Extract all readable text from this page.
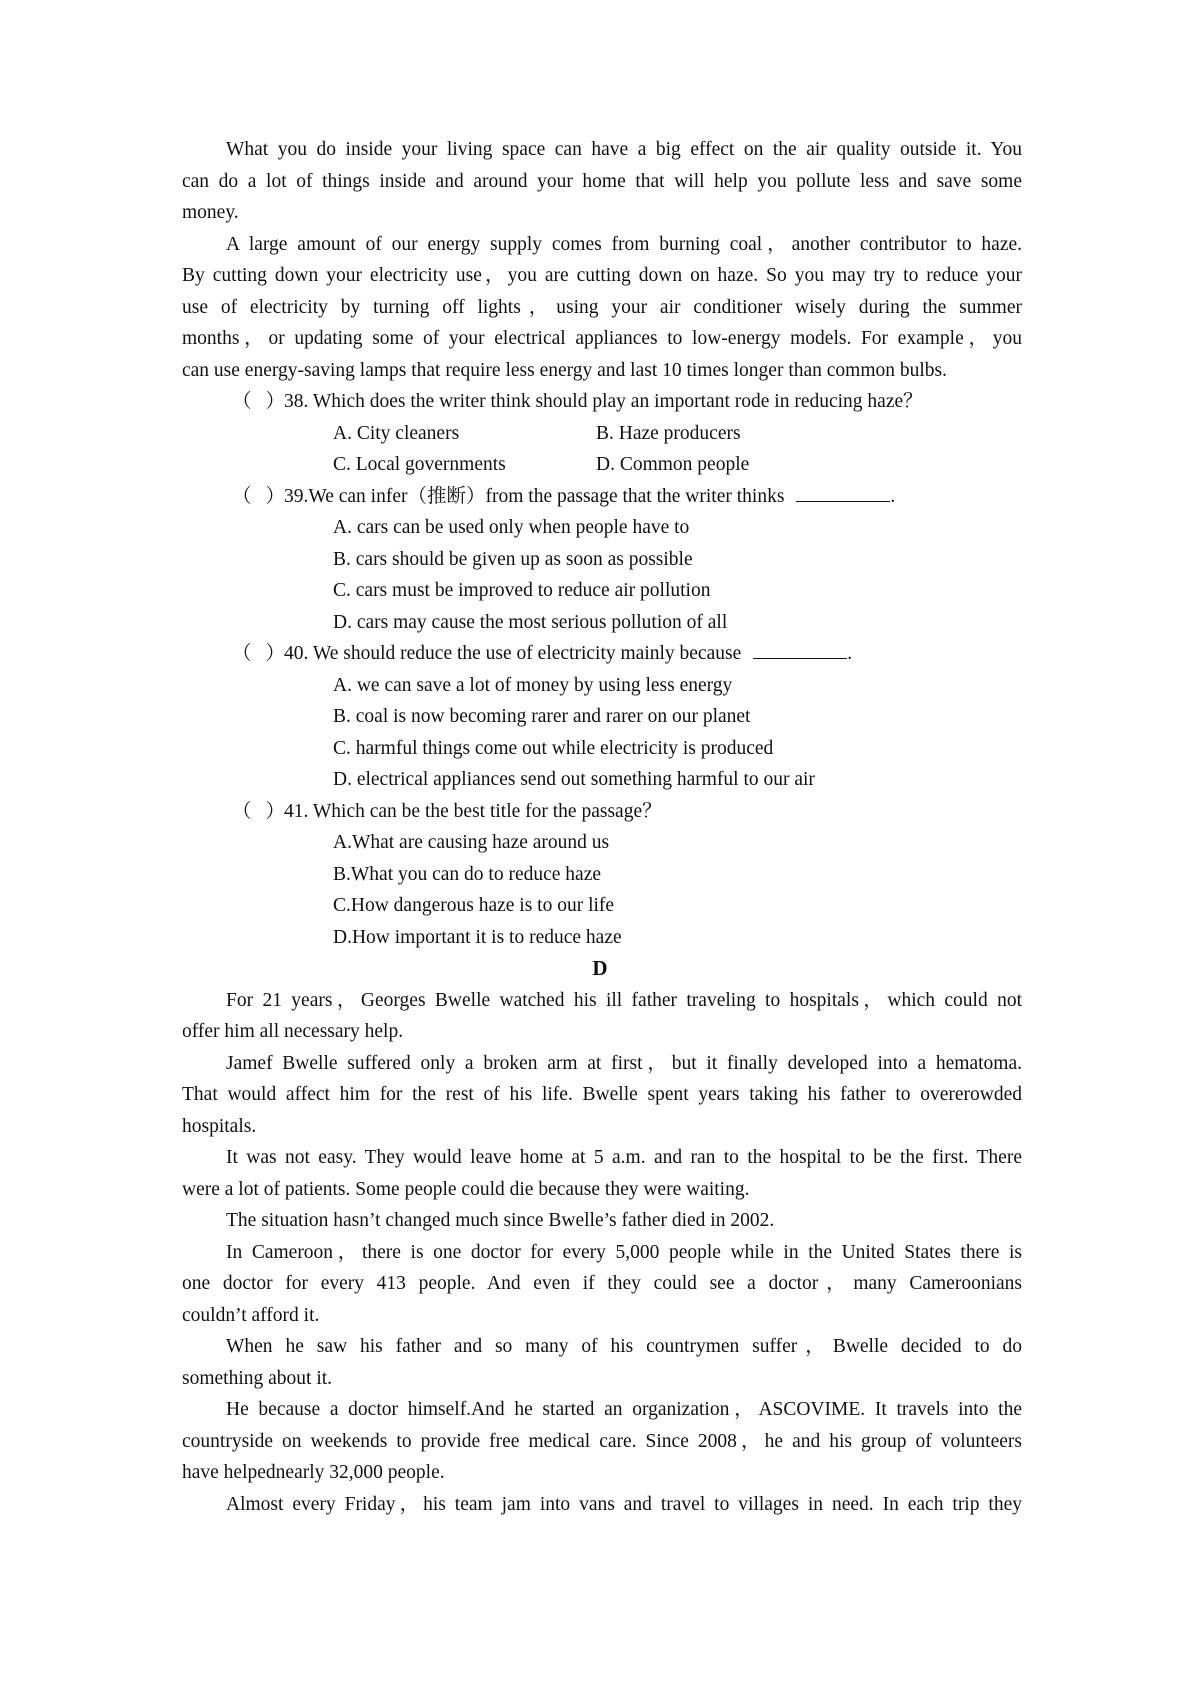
What you do inside your living space can have a big effect on the air quality outside it. You
can do a lot of things inside and around your home that will help you pollute less and save some
money.
A large amount of our energy supply comes from burning coal，another contributor to haze.
By cutting down your electricity use，you are cutting down on haze. So you may try to reduce your
use of electricity by turning off lights，using your air conditioner wisely during the summer
months，or updating some of your electrical appliances to low-energy models. For example，you
can use energy-saving lamps that require less energy and last 10 times longer than common bulbs.
（ ）38. Which does the writer think should play an important rode in reducing haze？
A. City cleaners	B. Haze producers
C. Local governments	D. Common people
（ ）39.We can infer（推断）from the passage that the writer thinks	.
A. cars can be used only when people have to
B. cars should be given up as soon as possible
C. cars must be improved to reduce air pollution
D. cars may cause the most serious pollution of all
（ ）40. We should reduce the use of electricity mainly because	.
A. we can save a lot of money by using less energy
B. coal is now becoming rarer and rarer on our planet
C. harmful things come out while electricity is produced
D. electrical appliances send out something harmful to our air
（ ）41. Which can be the best title for the passage？
A.What are causing haze around us
B.What you can do to reduce haze
C.How dangerous haze is to our life
D.How important it is to reduce haze
D
For 21 years，Georges Bwelle watched his ill father traveling to hospitals，which could not
offer him all necessary help.
Jamef Bwelle suffered only a broken arm at first，but it finally developed into a hematoma.
That would affect him for the rest of his life. Bwelle spent years taking his father to overerowded
hospitals.
It was not easy. They would leave home at 5 a.m. and ran to the hospital to be the first. There
were a lot of patients. Some people could die because they were waiting.
The situation hasn’t changed much since Bwelle’s father died in 2002.
In Cameroon，there is one doctor for every 5,000 people while in the United States there is
one doctor for every 413 people. And even if they could see a doctor，many Cameroonians
couldn’t afford it.
When he saw his father and so many of his countrymen suffer，Bwelle decided to do
something about it.
He because a doctor himself.And he started an organization，ASCOVIME. It travels into the
countryside on weekends to provide free medical care. Since 2008，he and his group of volunteers
have helpednearly 32,000 people.
Almost every Friday，his team jam into vans and travel to villages in need. In each trip they
